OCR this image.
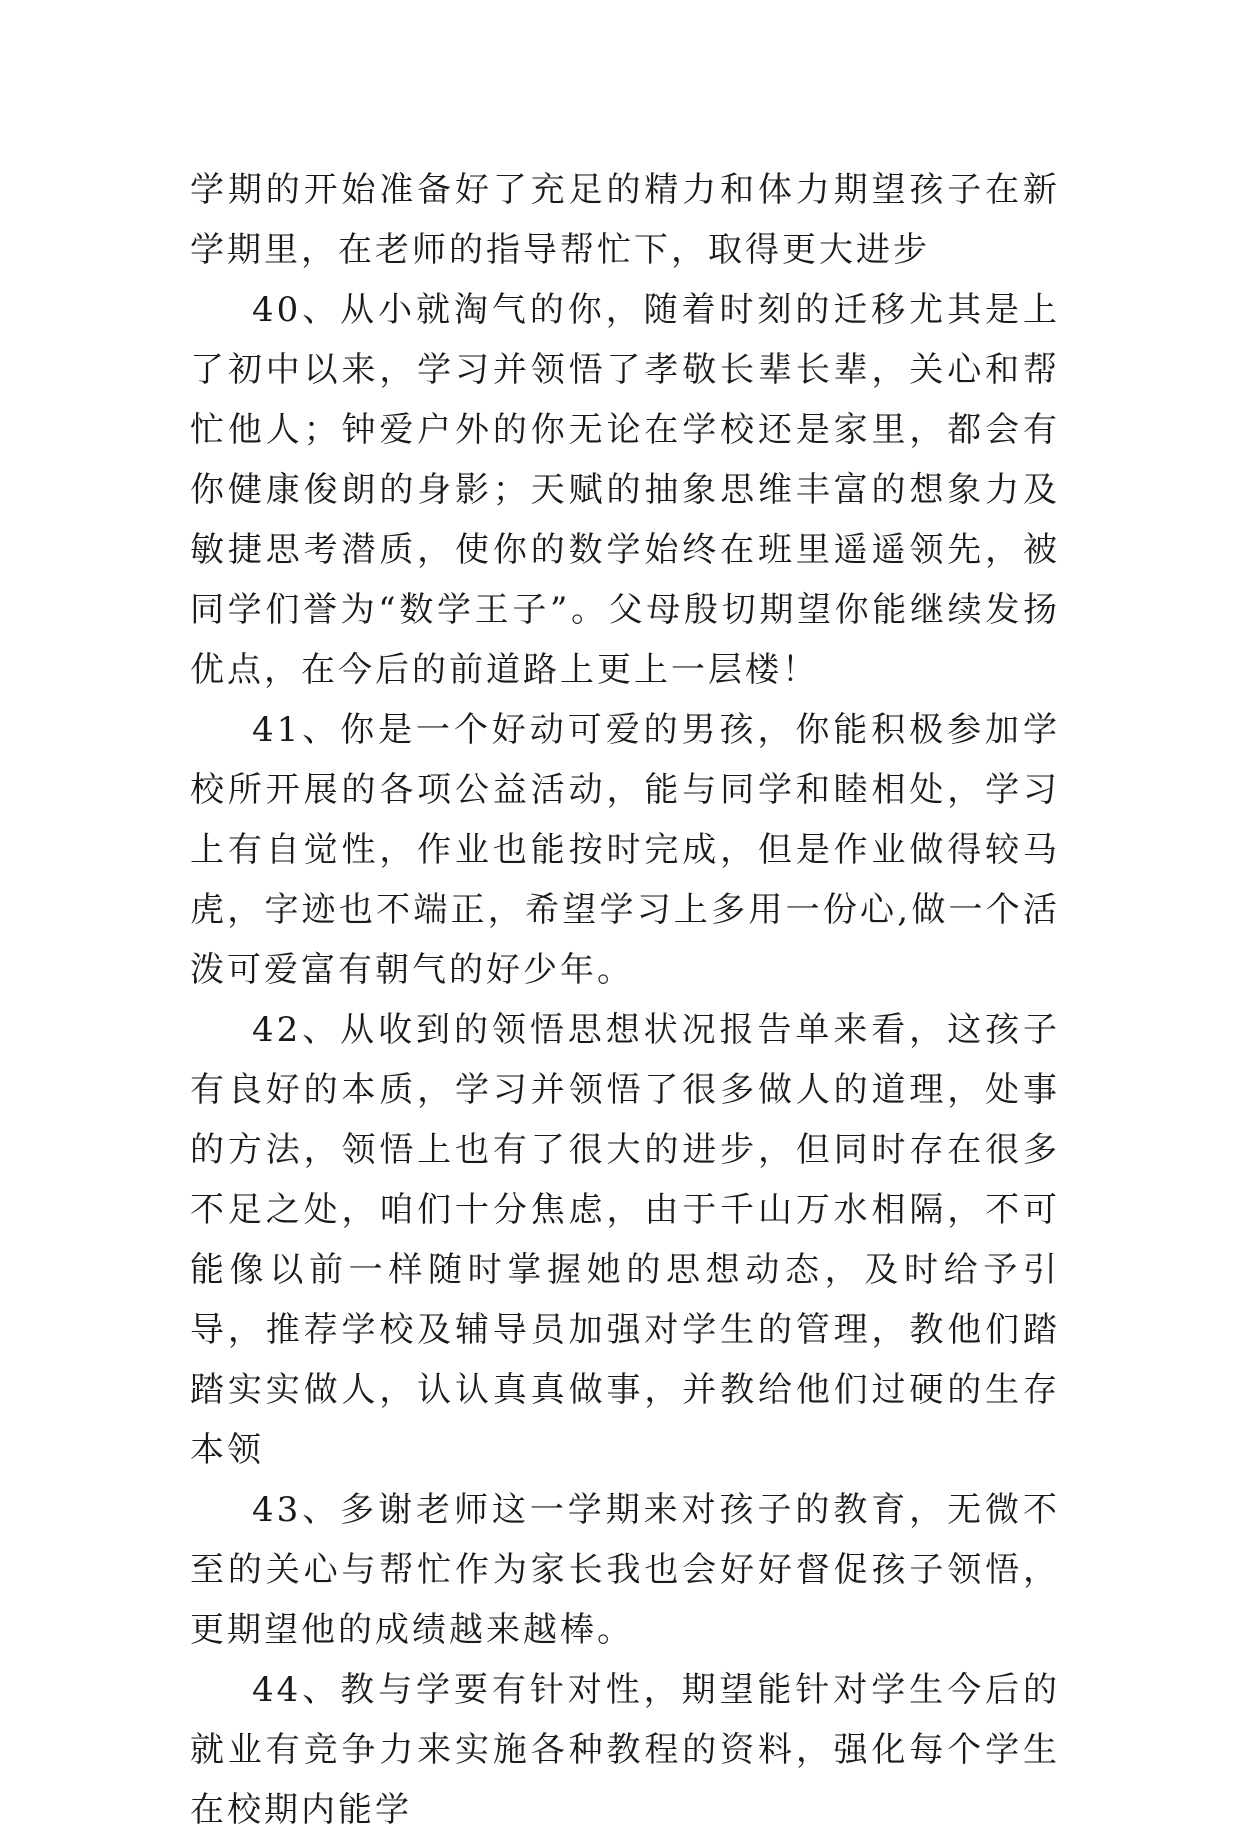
学期的开始准备好了充足的精力和体力期望孩子在新学期里，在老师的指导帮忙下，取得更大进步

40、从小就淘气的你，随着时刻的迁移尤其是上了初中以来，学习并领悟了孝敬长辈长辈，关心和帮忙他人；钟爱户外的你无论在学校还是家里，都会有你健康俊朗的身影；天赋的抽象思维丰富的想象力及敏捷思考潜质，使你的数学始终在班里遥遥领先，被同学们誉为“数学王子”。父母殷切期望你能继续发扬优点，在今后的前道路上更上一层楼！

41、你是一个好动可爱的男孩，你能积极参加学校所开展的各项公益活动，能与同学和睦相处，学习上有自觉性，作业也能按时完成，但是作业做得较马虎，字迹也不端正，希望学习上多用一份心,做一个活泼可爱富有朝气的好少年。

42、从收到的领悟思想状况报告单来看，这孩子有良好的本质，学习并领悟了很多做人的道理，处事的方法，领悟上也有了很大的进步，但同时存在很多不足之处，咱们十分焦虑，由于千山万水相隔，不可能像以前一样随时掌握她的思想动态，及时给予引导，推荐学校及辅导员加强对学生的管理，教他们踏踏实实做人，认认真真做事，并教给他们过硬的生存本领

43、多谢老师这一学期来对孩子的教育，无微不至的关心与帮忙作为家长我也会好好督促孩子领悟，更期望他的成绩越来越棒。

44、教与学要有针对性，期望能针对学生今后的就业有竞争力来实施各种教程的资料，强化每个学生在校期内能学
